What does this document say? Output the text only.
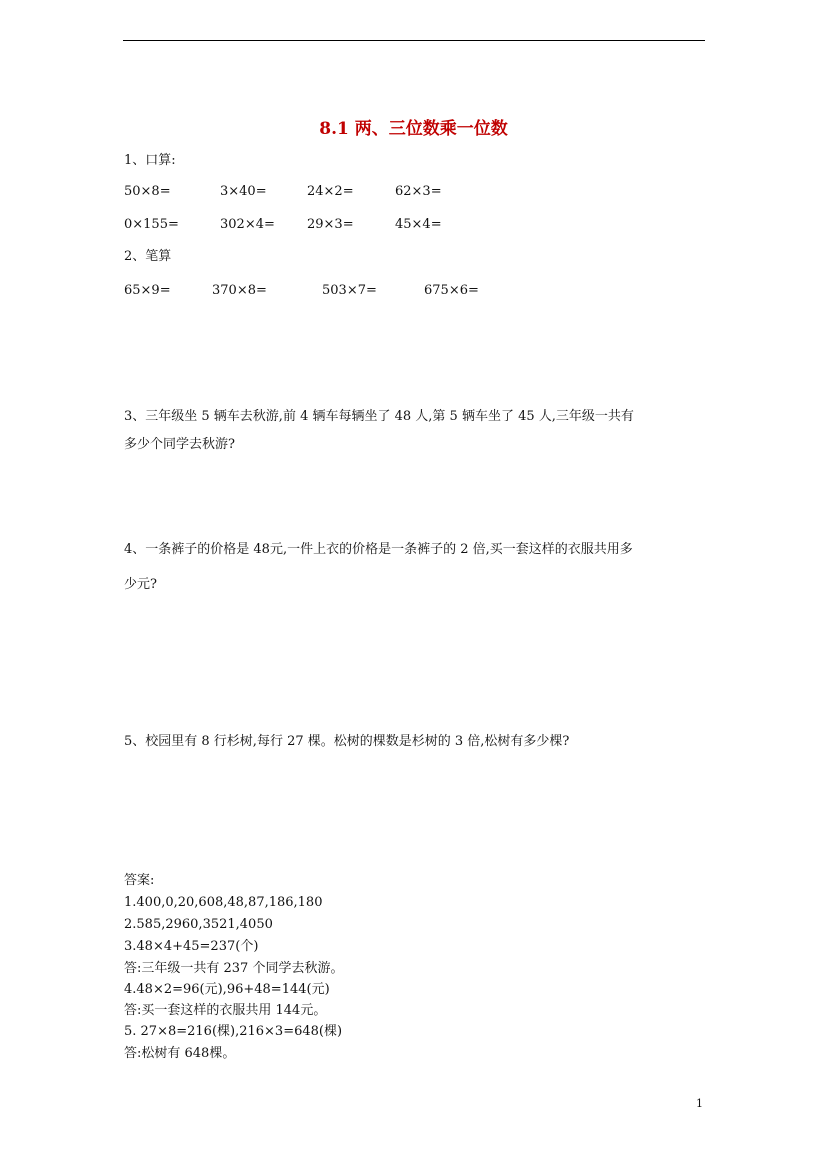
8.1 两、三位数乘一位数
1、口算:
50×8=	3×40=	24×2=	62×3=
0×155=	302×4= 29×3=	45×4=
2、笔算
65×9=	370×8=	503×7=	675×6=
3、三年级坐 5 辆车去秋游,前 4 辆车每辆坐了 48 人,第 5 辆车坐了 45 人,三年级一共有
多少个同学去秋游?
4、一条裤子的价格是 48元,一件上衣的价格是一条裤子的 2 倍,买一套这样的衣服共用多
少元?
5、校园里有 8 行杉树,每行 27 棵。松树的棵数是杉树的 3 倍,松树有多少棵?
答案:
1.400,0,20,608,48,87,186,180
2.585,2960,3521,4050
3.48×4+45=237(个)
答:三年级一共有 237 个同学去秋游。
4.48×2=96(元),96+48=144(元)
答:买一套这样的衣服共用 144元。
5. 27×8=216(棵),216×3=648(棵)
答:松树有 648棵。
1
